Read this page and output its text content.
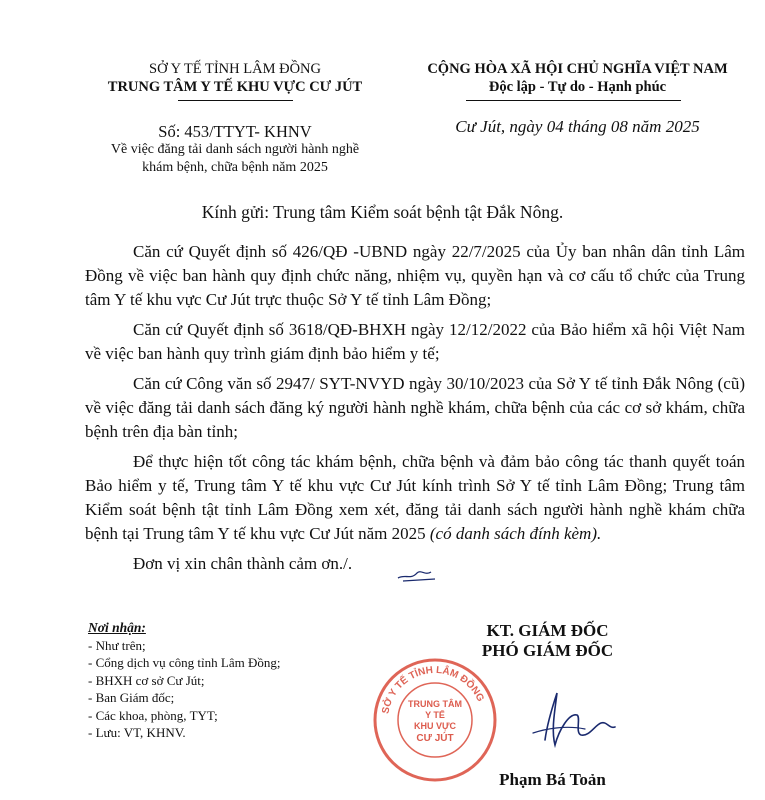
SỞ Y TẾ TỈNH LÂM ĐỒNG
TRUNG TÂM Y TẾ KHU VỰC CƯ JÚT
CỘNG HÒA XÃ HỘI CHỦ NGHĨA VIỆT NAM
Độc lập - Tự do - Hạnh phúc
Số: 453/TTYT- KHNV
Về việc đăng tải danh sách người hành nghề
khám bệnh, chữa bệnh năm 2025
Cư Jút, ngày 04 tháng 08 năm 2025
Kính gửi: Trung tâm Kiểm soát bệnh tật Đắk Nông.

Căn cứ Quyết định số 426/QĐ -UBND ngày 22/7/2025 của Ủy ban nhân dân tỉnh Lâm Đồng về việc ban hành quy định chức năng, nhiệm vụ, quyền hạn và cơ cấu tổ chức của Trung tâm Y tế khu vực Cư Jút trực thuộc Sở Y tế tỉnh Lâm Đồng;

Căn cứ Quyết định số 3618/QĐ-BHXH ngày 12/12/2022 của Bảo hiểm xã hội Việt Nam về việc ban hành quy trình giám định bảo hiểm y tế;

Căn cứ Công văn số 2947/ SYT-NVYD ngày 30/10/2023 của Sở Y tế tỉnh Đắk Nông (cũ) về việc đăng tải danh sách đăng ký người hành nghề khám, chữa bệnh của các cơ sở khám, chữa bệnh trên địa bàn tỉnh;

Để thực hiện tốt công tác khám bệnh, chữa bệnh và đảm bảo công tác thanh quyết toán Bảo hiểm y tế, Trung tâm Y tế khu vực Cư Jút kính trình Sở Y tế tỉnh Lâm Đồng; Trung tâm Kiểm soát bệnh tật tỉnh Lâm Đồng xem xét, đăng tải danh sách người hành nghề khám chữa bệnh tại Trung tâm Y tế khu vực Cư Jút năm 2025 (có danh sách đính kèm).

Đơn vị xin chân thành cảm ơn./.

Nơi nhận:
- Như trên;
- Cổng dịch vụ công tỉnh Lâm Đồng;
- BHXH cơ sở Cư Jút;
- Ban Giám đốc;
- Các khoa, phòng, TYT;
- Lưu: VT, KHNV.
KT. GIÁM ĐỐC
PHÓ GIÁM ĐỐC
SỞ Y TẾ TỈNH LÂM ĐỒNG
TRUNG TÂM
Y TẾ
KHU VỰC
CƯ JÚT
Phạm Bá Toản
